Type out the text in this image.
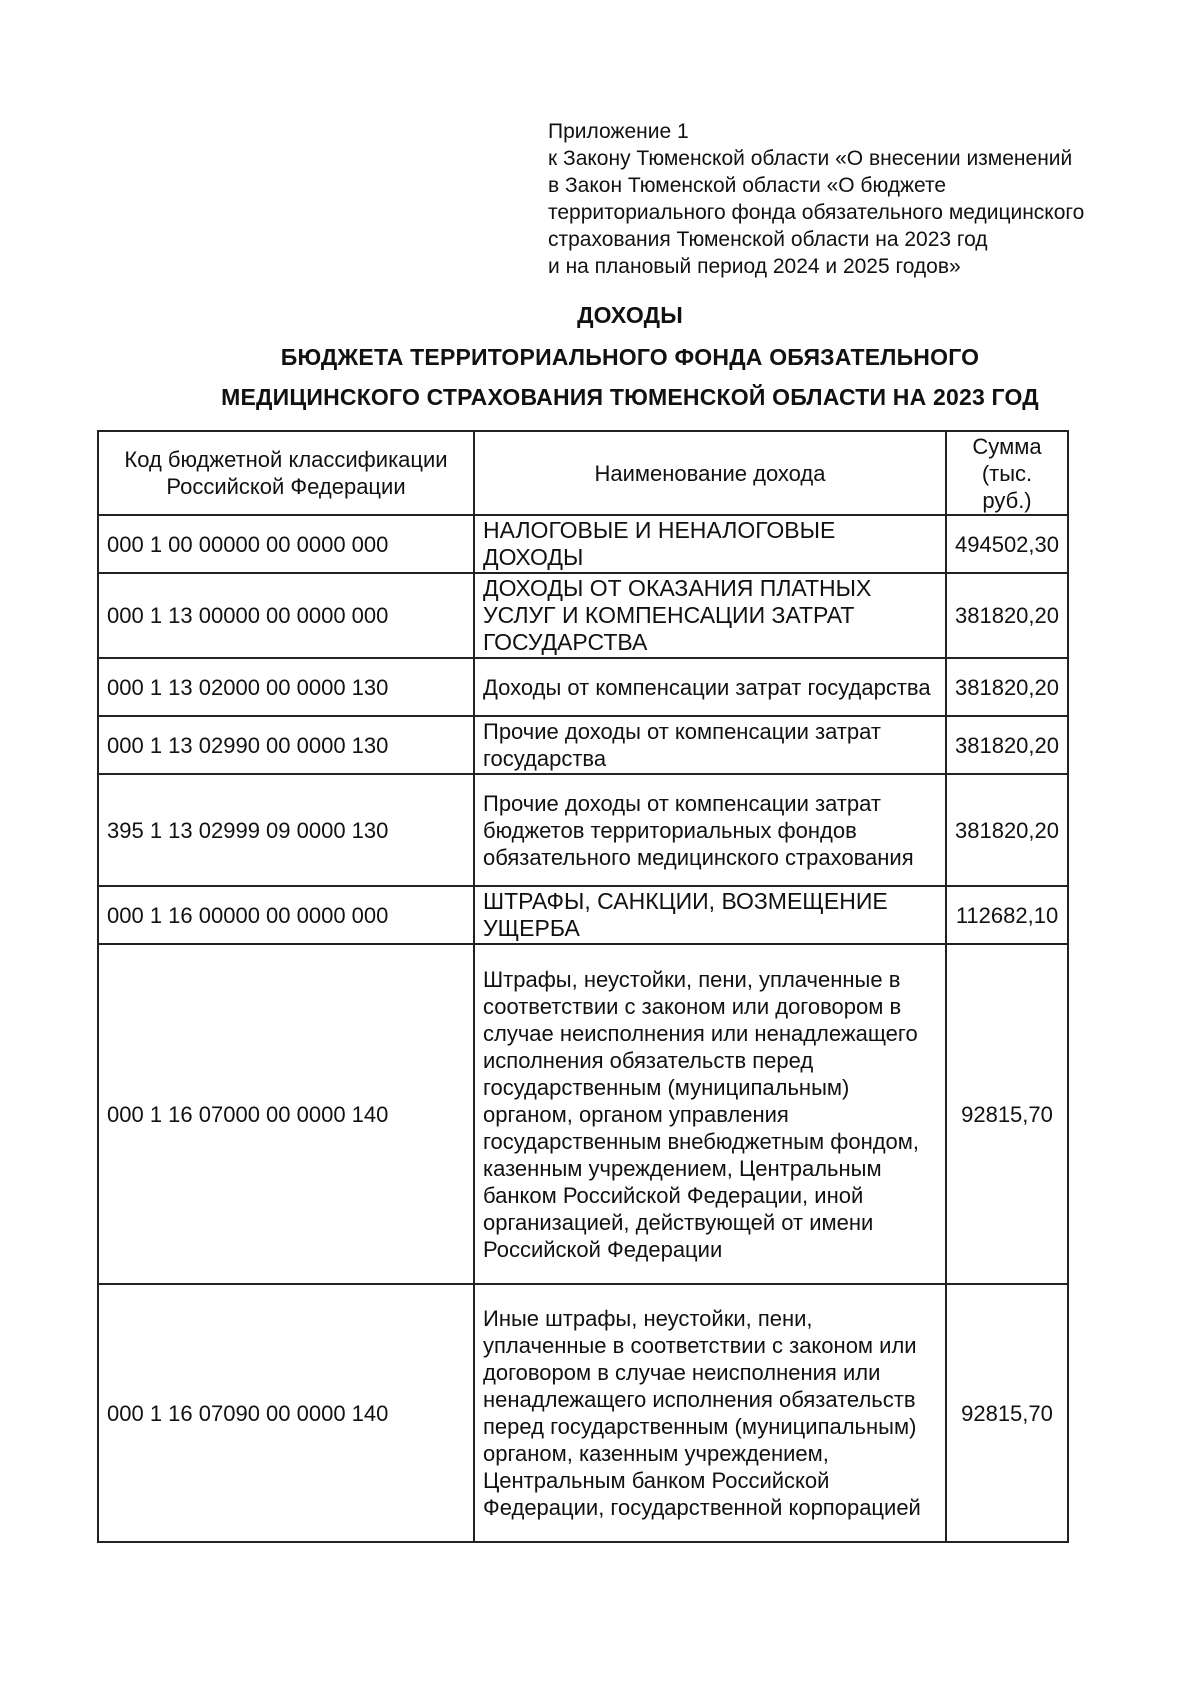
Приложение 1
к Закону Тюменской области «О внесении изменений
в Закон Тюменской области «О бюджете
территориального фонда обязательного медицинского
страхования Тюменской области на 2023 год
и на плановый период 2024 и 2025 годов»
ДОХОДЫ
БЮДЖЕТА ТЕРРИТОРИАЛЬНОГО ФОНДА ОБЯЗАТЕЛЬНОГО
МЕДИЦИНСКОГО СТРАХОВАНИЯ ТЮМЕНСКОЙ ОБЛАСТИ НА 2023 ГОД
Код бюджетной классификации Российской Федерации	Наименование дохода	Сумма (тыс. руб.)
000 1 00 00000 00 0000 000	НАЛОГОВЫЕ И НЕНАЛОГОВЫЕ ДОХОДЫ	494502,30
000 1 13 00000 00 0000 000	ДОХОДЫ ОТ ОКАЗАНИЯ ПЛАТНЫХ УСЛУГ И КОМПЕНСАЦИИ ЗАТРАТ ГОСУДАРСТВА	381820,20
000 1 13 02000 00 0000 130	Доходы от компенсации затрат государства	381820,20
000 1 13 02990 00 0000 130	Прочие доходы от компенсации затрат государства	381820,20
395 1 13 02999 09 0000 130	Прочие доходы от компенсации затрат бюджетов территориальных фондов обязательного медицинского страхования	381820,20
000 1 16 00000 00 0000 000	ШТРАФЫ, САНКЦИИ, ВОЗМЕЩЕНИЕ УЩЕРБА	112682,10
000 1 16 07000 00 0000 140	Штрафы, неустойки, пени, уплаченные в соответствии с законом или договором в случае неисполнения или ненадлежащего исполнения обязательств перед государственным (муниципальным) органом, органом управления государственным внебюджетным фондом, казенным учреждением, Центральным банком Российской Федерации, иной организацией, действующей от имени Российской Федерации	92815,70
000 1 16 07090 00 0000 140	Иные штрафы, неустойки, пени, уплаченные в соответствии с законом или договором в случае неисполнения или ненадлежащего исполнения обязательств перед государственным (муниципальным) органом, казенным учреждением, Центральным банком Российской Федерации, государственной корпорацией	92815,70
